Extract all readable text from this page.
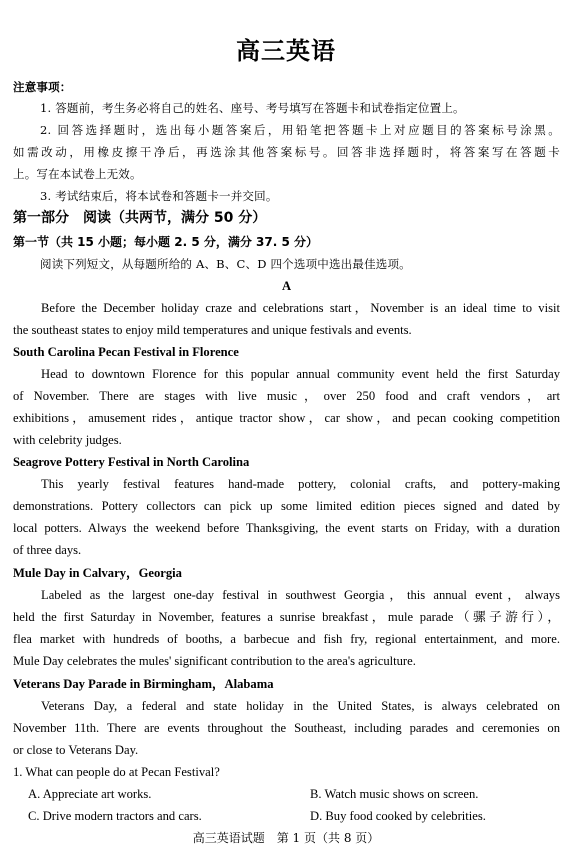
高三英语
注意事项：
1. 答题前，考生务必将自己的姓名、座号、考号填写在答题卡和试卷指定位置上。
2. 回答选择题时，选出每小题答案后，用铅笔把答题卡上对应题目的答案标号涂黑。
如需改动，用橡皮擦干净后，再选涂其他答案标号。回答非选择题时，将答案写在答题卡
上。写在本试卷上无效。
3. 考试结束后，将本试卷和答题卡一并交回。
第一部分　阅读（共两节，满分 50 分）
第一节（共 15 小题；每小题 2. 5 分，满分 37. 5 分）
阅读下列短文，从每题所给的 A、B、C、D 四个选项中选出最佳选项。
A
Before the December holiday craze and celebrations start，November is an ideal time to visit
the southeast states to enjoy mild temperatures and unique festivals and events.
South Carolina Pecan Festival in Florence
Head to downtown Florence for this popular annual community event held the first Saturday
of November. There are stages with live music，over 250 food and craft vendors，art
exhibitions，amusement rides，antique tractor show，car show，and pecan cooking competition
with celebrity judges.
Seagrove Pottery Festival in North Carolina
This yearly festival features hand-made pottery, colonial crafts, and pottery-making
demonstrations. Pottery collectors can pick up some limited edition pieces signed and dated by
local potters. Always the weekend before Thanksgiving, the event starts on Friday, with a duration
of three days.
Mule Day in Calvary，Georgia
Labeled as the largest one-day festival in southwest Georgia，this annual event，always
held the first Saturday in November, features a sunrise breakfast，mule parade（骡子游行），
flea market with hundreds of booths, a barbecue and fish fry, regional entertainment, and more.
Mule Day celebrates the mules' significant contribution to the area's agriculture.
Veterans Day Parade in Birmingham，Alabama
Veterans Day, a federal and state holiday in the United States, is always celebrated on
November 11th. There are events throughout the Southeast, including parades and ceremonies on
or close to Veterans Day.
1. What can people do at Pecan Festival?
A. Appreciate art works.	B. Watch music shows on screen.
C. Drive modern tractors and cars.	D. Buy food cooked by celebrities.
高三英语试题　第 1 页（共 8 页）
